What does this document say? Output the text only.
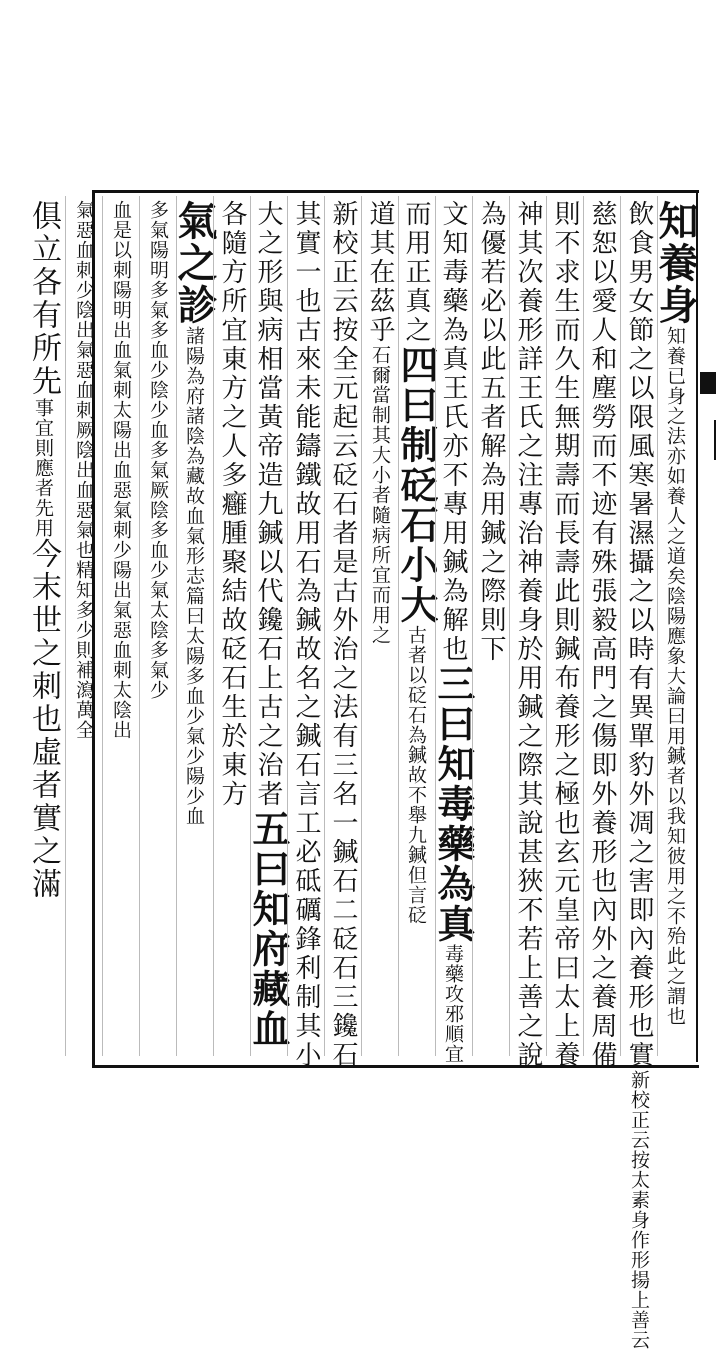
知養身知養已身之法亦如養人之道矣陰陽應象大論曰用鍼者以我知彼用之不殆此之謂也
飲食男女節之以限風寒暑濕攝之以時有異單豹外凋之害即內養形也實新校正云按太素身作形揚上善云
慈恕以愛人和塵勞而不迹有殊張毅高門之傷即外養形也內外之養周備
則不求生而久生無期壽而長壽此則鍼布養形之極也玄元皇帝曰太上養
神其次養形詳王氏之注專治神養身於用鍼之際其說甚狹不若上善之說
為優若必以此五者解為用鍼之際則下
文知毒藥為真王氏亦不專用鍼為解也三曰知毒藥為真毒藥攻邪順宜
而用正真之四曰制砭石小大古者以砭石為鍼故不舉九鍼但言砭
道其在茲乎石爾當制其大小者隨病所宜而用之
新校正云按全元起云砭石者是古外治之法有三名一鍼石二砭石三鑱石
其實一也古來未能鑄鐵故用石為鍼故名之鍼石言工必砥礪鋒利制其小
大之形與病相當黃帝造九鍼以代鑱石上古之治者五曰知府藏血
各隨方所宜東方之人多癰腫聚結故砭石生於東方
氣之診諸陽為府諸陰為藏故血氣形志篇曰太陽多血少氣少陽少血
多氣陽明多氣多血少陰少血多氣厥陰多血少氣太陰多氣少
血是以刺陽明出血氣刺太陽出血惡氣刺少陽出氣惡血刺太陰出
氣惡血刺少陰出氣惡血刺厥陰出血惡氣也精知多少則補瀉萬全
俱立各有所先事宜則應者先用今末世之刺也虛者實之滿
